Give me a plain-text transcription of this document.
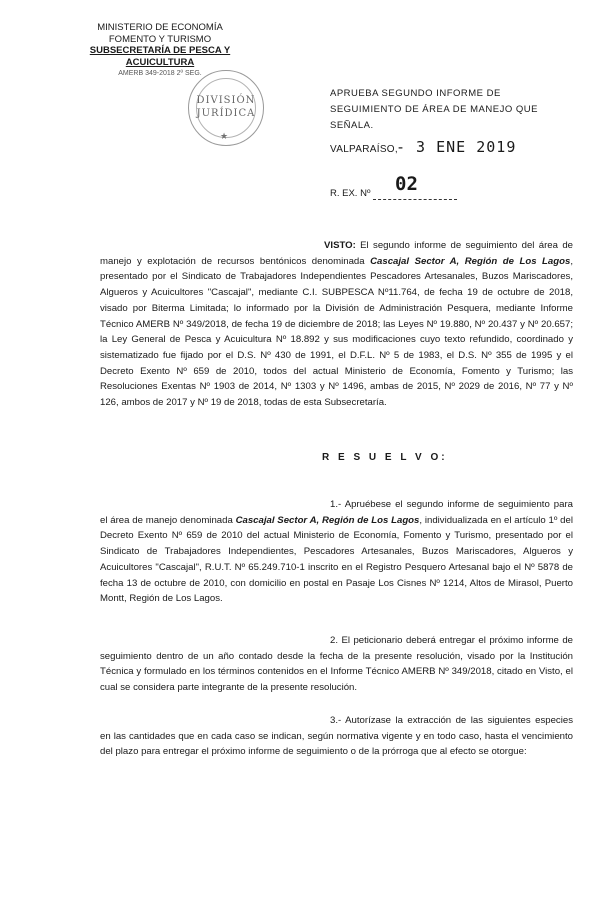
MINISTERIO DE ECONOMÍA
FOMENTO Y TURISMO
SUBSECRETARÍA DE PESCA Y ACUICULTURA
AMERB 349-2018 2º SEG.
DIVISIÓN
JURÍDICA
★
APRUEBA SEGUNDO INFORME DE SEGUIMIENTO DE ÁREA DE MANEJO QUE SEÑALA.
VALPARAÍSO,
- 3 ENE 2019
R. EX. Nº 02
VISTO: El segundo informe de seguimiento del área de manejo y explotación de recursos bentónicos denominada Cascajal Sector A, Región de Los Lagos, presentado por el Sindicato de Trabajadores Independientes Pescadores Artesanales, Buzos Mariscadores, Algueros y Acuicultores "Cascajal", mediante C.I. SUBPESCA Nº11.764, de fecha 19 de octubre de 2018, visado por Biterma Limitada; lo informado por la División de Administración Pesquera, mediante Informe Técnico AMERB Nº 349/2018, de fecha 19 de diciembre de 2018; las Leyes Nº 19.880, Nº 20.437 y Nº 20.657; la Ley General de Pesca y Acuicultura Nº 18.892 y sus modificaciones cuyo texto refundido, coordinado y sistematizado fue fijado por el D.S. Nº 430 de 1991, el D.F.L. Nº 5 de 1983, el D.S. Nº 355 de 1995 y el Decreto Exento Nº 659 de 2010, todos del actual Ministerio de Economía, Fomento y Turismo; las Resoluciones Exentas Nº 1903 de 2014, Nº 1303 y Nº 1496, ambas de 2015, Nº 2029 de 2016, Nº 77 y Nº 126, ambos de 2017 y Nº 19 de 2018, todas de esta Subsecretaría.
R E S U E L V O:
1.- Apruébese el segundo informe de seguimiento para el área de manejo denominada Cascajal Sector A, Región de Los Lagos, individualizada en el artículo 1º del Decreto Exento Nº 659 de 2010 del actual Ministerio de Economía, Fomento y Turismo, presentado por el Sindicato de Trabajadores Independientes, Pescadores Artesanales, Buzos Mariscadores, Algueros y Acuicultores "Cascajal", R.U.T. Nº 65.249.710-1 inscrito en el Registro Pesquero Artesanal bajo el Nº 5878 de fecha 13 de octubre de 2010, con domicilio en postal en Pasaje Los Cisnes Nº 1214, Altos de Mirasol, Puerto Montt, Región de Los Lagos.
2. El peticionario deberá entregar el próximo informe de seguimiento dentro de un año contado desde la fecha de la presente resolución, visado por la Institución Técnica y formulado en los términos contenidos en el Informe Técnico AMERB Nº 349/2018, citado en Visto, el cual se considera parte integrante de la presente resolución.
3.- Autorízase la extracción de las siguientes especies en las cantidades que en cada caso se indican, según normativa vigente y en todo caso, hasta el vencimiento del plazo para entregar el próximo informe de seguimiento o de la prórroga que al efecto se otorgue:
